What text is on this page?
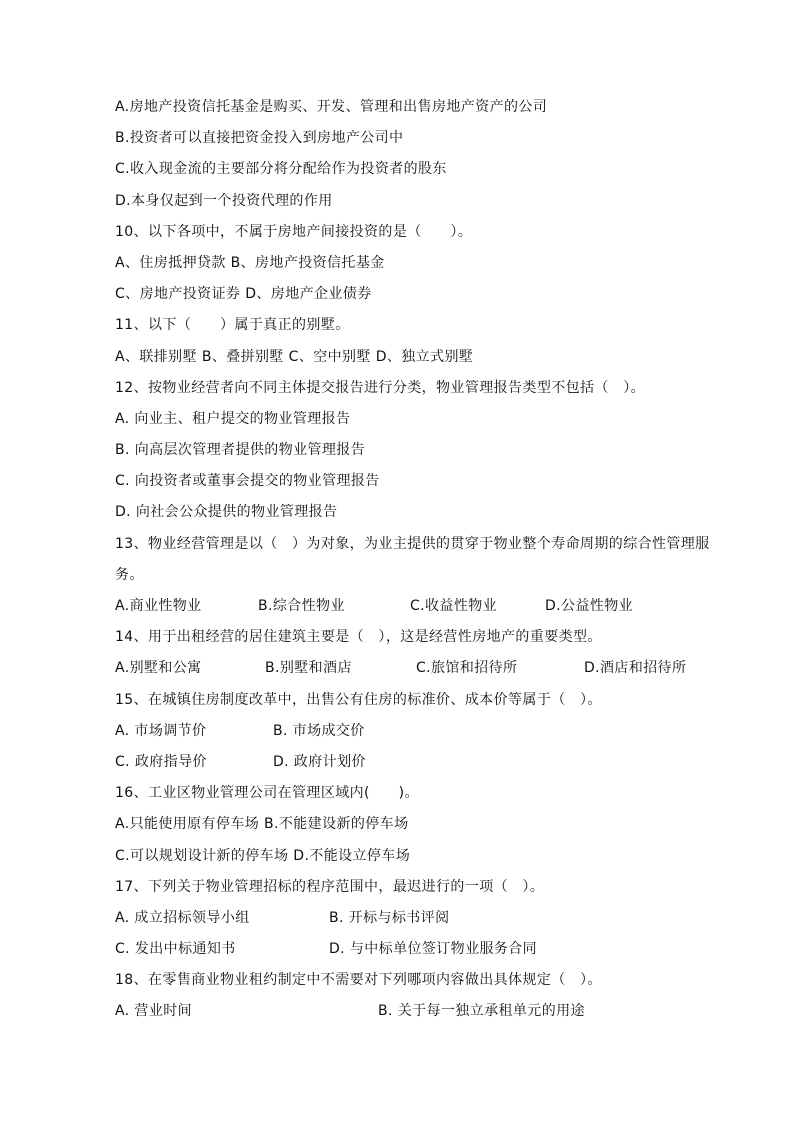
A.房地产投资信托基金是购买、开发、管理和出售房地产资产的公司
B.投资者可以直接把资金投入到房地产公司中
C.收入现金流的主要部分将分配给作为投资者的股东
D.本身仅起到一个投资代理的作用
10、以下各项中，不属于房地产间接投资的是（　　）。
A、住房抵押贷款 B、房地产投资信托基金
C、房地产投资证券 D、房地产企业债券
11、以下（　　）属于真正的别墅。
A、联排别墅 B、叠拼别墅 C、空中别墅 D、独立式别墅
12、按物业经营者向不同主体提交报告进行分类，物业管理报告类型不包括（　）。
A. 向业主、租户提交的物业管理报告
B. 向高层次管理者提供的物业管理报告
C. 向投资者或董事会提交的物业管理报告
D. 向社会公众提供的物业管理报告
13、物业经营管理是以（　）为对象，为业主提供的贯穿于物业整个寿命周期的综合性管理服务。
A.商业性物业	B.综合性物业	C.收益性物业	D.公益性物业
14、用于出租经营的居住建筑主要是（　），这是经营性房地产的重要类型。
A.别墅和公寓	B.别墅和酒店	C.旅馆和招待所	D.酒店和招待所
15、在城镇住房制度改革中，出售公有住房的标准价、成本价等属于（　）。
A. 市场调节价	B. 市场成交价
C. 政府指导价	D. 政府计划价
16、工业区物业管理公司在管理区域内(　　)。
A.只能使用原有停车场 B.不能建设新的停车场
C.可以规划设计新的停车场 D.不能设立停车场
17、下列关于物业管理招标的程序范围中，最迟进行的一项（　）。
A. 成立招标领导小组	B. 开标与标书评阅
C. 发出中标通知书	D. 与中标单位签订物业服务合同
18、在零售商业物业租约制定中不需要对下列哪项内容做出具体规定（　）。
A. 营业时间	B. 关于每一独立承租单元的用途
